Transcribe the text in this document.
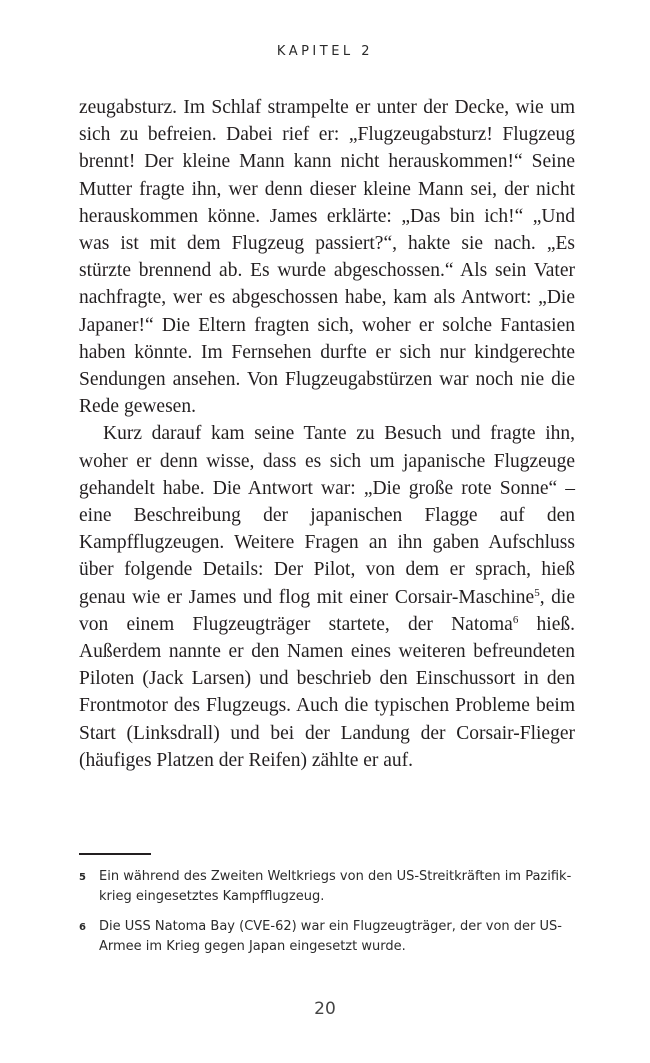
KAPITEL 2

zeugabsturz. Im Schlaf strampelte er unter der Decke, wie um sich zu befreien. Dabei rief er: „Flugzeugabsturz! Flugzeug brennt! Der kleine Mann kann nicht herauskommen!“ Seine Mutter fragte ihn, wer denn dieser kleine Mann sei, der nicht herauskommen könne. James erklärte: „Das bin ich!“ „Und was ist mit dem Flugzeug passiert?“, hakte sie nach. „Es stürzte brennend ab. Es wurde abgeschossen.“ Als sein Vater nachfragte, wer es abgeschossen habe, kam als Antwort: „Die Japaner!“ Die Eltern fragten sich, woher er solche Fantasien haben könnte. Im Fernsehen durfte er sich nur kindgerechte Sendungen ansehen. Von Flugzeugabstürzen war noch nie die Rede gewesen.

Kurz darauf kam seine Tante zu Besuch und fragte ihn, woher er denn wisse, dass es sich um japanische Flugzeuge gehandelt habe. Die Antwort war: „Die große rote Sonne“ – eine Beschreibung der japanischen Flagge auf den Kampfflugzeugen. Weitere Fragen an ihn gaben Aufschluss über folgende Details: Der Pilot, von dem er sprach, hieß genau wie er James und flog mit einer Corsair-Maschine$^5$, die von einem Flugzeugträger startete, der Natoma$^6$ hieß. Außerdem nannte er den Namen eines weiteren befreundeten Piloten (Jack Larsen) und beschrieb den Einschussort in den Frontmotor des Flugzeugs. Auch die typischen Probleme beim Start (Linksdrall) und bei der Landung der Corsair-Flieger (häufiges Platzen der Reifen) zählte er auf.

5	Ein während des Zweiten Weltkriegs von den US-Streitkräften im Pazifikkrieg eingesetztes Kampfflugzeug.

6	Die USS Natoma Bay (CVE-62) war ein Flugzeugträger, der von der US-Armee im Krieg gegen Japan eingesetzt wurde.

20
